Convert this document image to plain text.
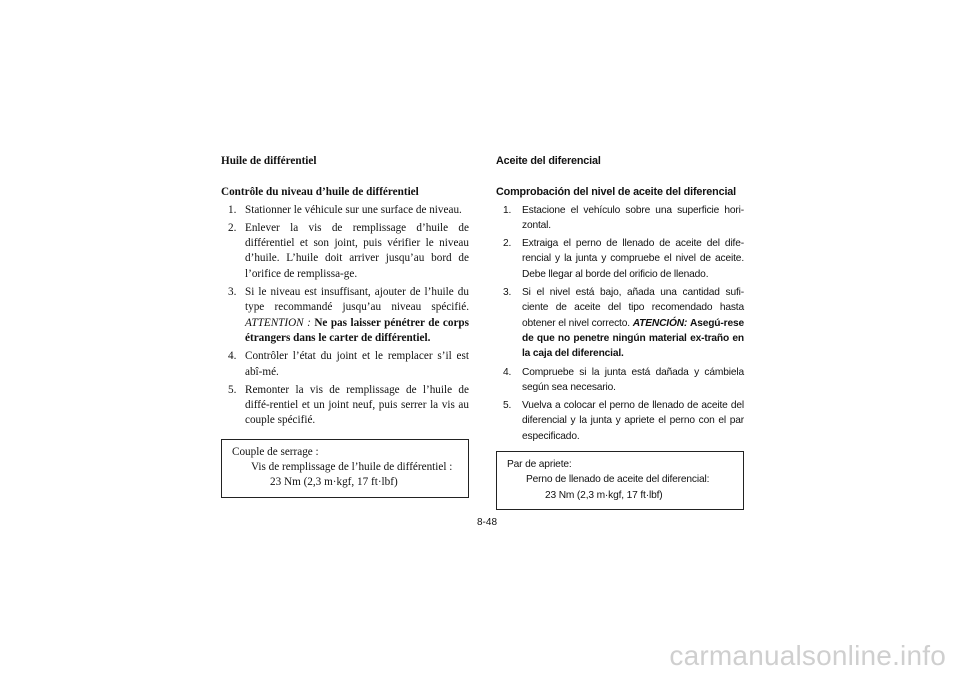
Huile de différentiel
Contrôle du niveau d’huile de différentiel
1. Stationner le véhicule sur une surface de niveau.
2. Enlever la vis de remplissage d’huile de différentiel et son joint, puis vérifier le niveau d’huile. L’huile doit arriver jusqu’au bord de l’orifice de remplissa-ge.
3. Si le niveau est insuffisant, ajouter de l’huile du type recommandé jusqu’au niveau spécifié. ATTENTION : Ne pas laisser pénétrer de corps étrangers dans le carter de différentiel.
4. Contrôler l’état du joint et le remplacer s’il est abî-mé.
5. Remonter la vis de remplissage de l’huile de diffé-rentiel et un joint neuf, puis serrer la vis au couple spécifié.
Couple de serrage :
Vis de remplissage de l’huile de différentiel :
23 Nm (2,3 m·kgf, 17 ft·lbf)
Aceite del diferencial
Comprobación del nivel de aceite del diferencial
1. Estacione el vehículo sobre una superficie hori-zontal.
2. Extraiga el perno de llenado de aceite del dife-rencial y la junta y compruebe el nivel de aceite. Debe llegar al borde del orificio de llenado.
3. Si el nivel está bajo, añada una cantidad sufi-ciente de aceite del tipo recomendado hasta obtener el nivel correcto. ATENCIÓN: Asegú-rese de que no penetre ningún material ex-traño en la caja del diferencial.
4. Compruebe si la junta está dañada y cámbiela según sea necesario.
5. Vuelva a colocar el perno de llenado de aceite del diferencial y la junta y apriete el perno con el par especificado.
Par de apriete:
Perno de llenado de aceite del diferencial:
23 Nm (2,3 m·kgf, 17 ft·lbf)
8-48
carmanualsonline.info
